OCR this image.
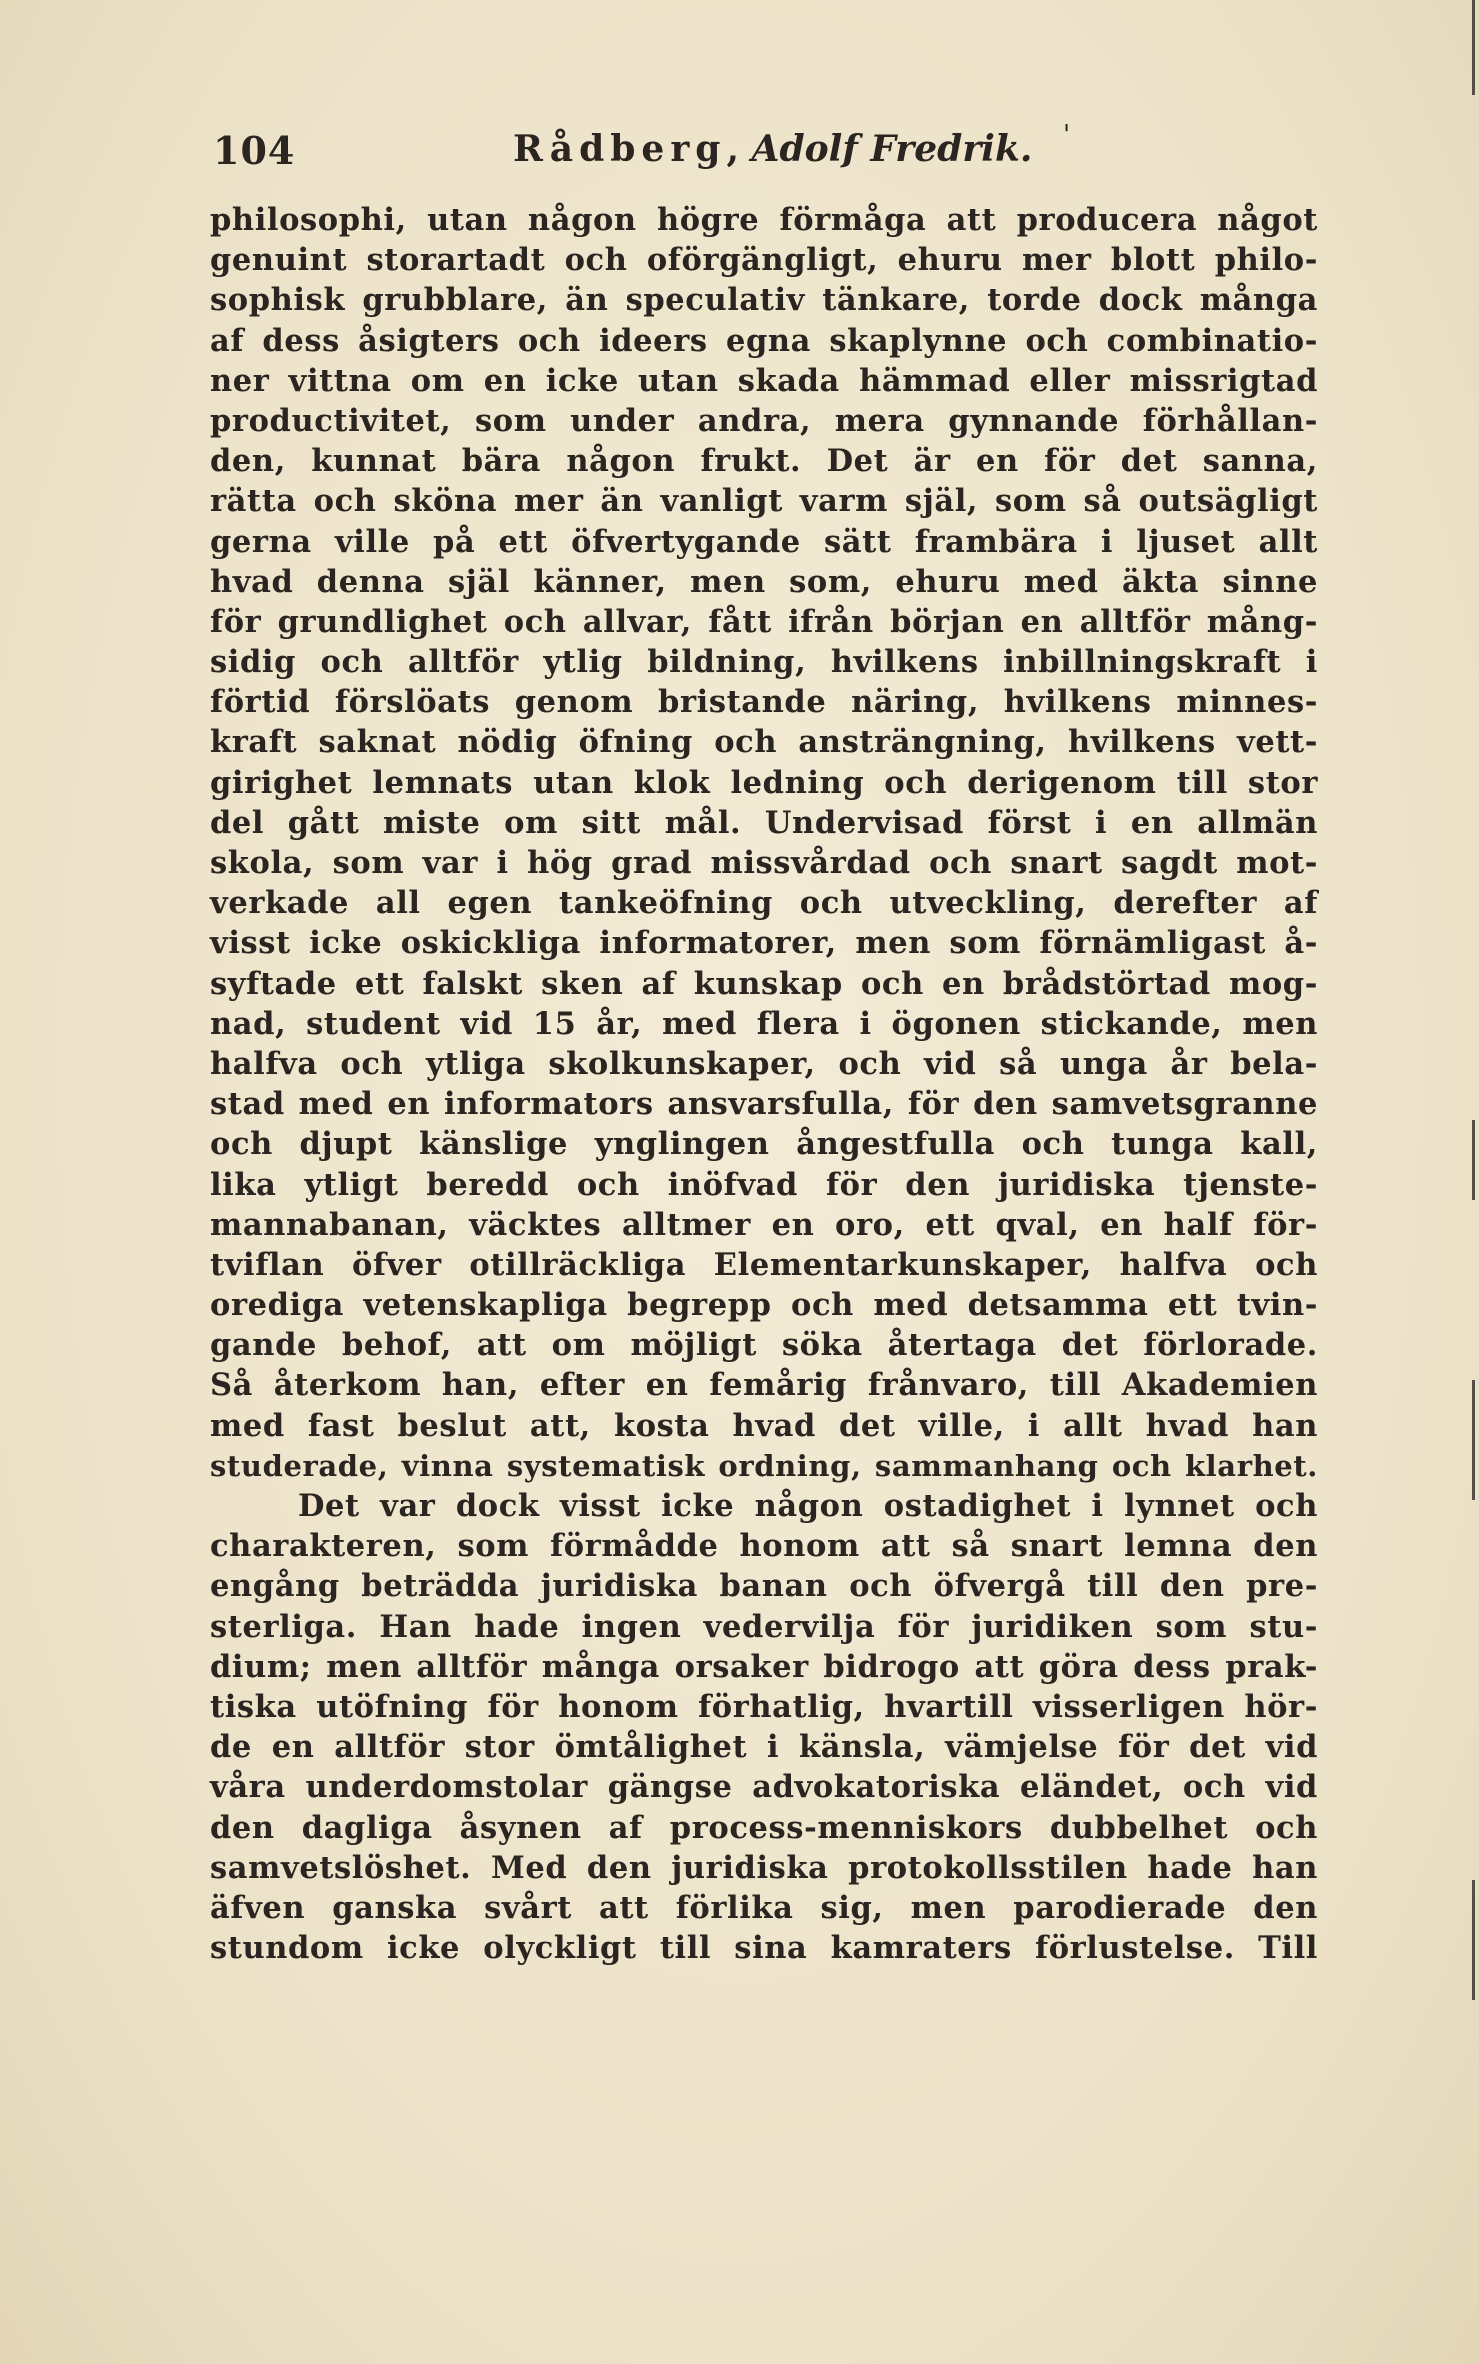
104	Rådberg, Adolf Fredrik. '
philosophi, utan någon högre förmåga att producera något
genuint storartadt och oförgängligt, ehuru mer blott philo-
sophisk grubblare, än speculativ tänkare, torde dock många
af dess åsigters och ideers egna skaplynne och combinatio-
ner vittna om en icke utan skada hämmad eller missrigtad
productivitet, som under andra, mera gynnande förhållan-
den, kunnat bära någon frukt. Det är en för det sanna,
rätta och sköna mer än vanligt varm själ, som så outsägligt
gerna ville på ett öfvertygande sätt frambära i ljuset allt
hvad denna själ känner, men som, ehuru med äkta sinne
för grundlighet och allvar, fått ifrån början en alltför mång-
sidig och alltför ytlig bildning, hvilkens inbillningskraft i
förtid förslöats genom bristande näring, hvilkens minnes-
kraft saknat nödig öfning och ansträngning, hvilkens vett-
girighet lemnats utan klok ledning och derigenom till stor
del gått miste om sitt mål. Undervisad först i en allmän
skola, som var i hög grad missvårdad och snart sagdt mot-
verkade all egen tankeöfning och utveckling, derefter af
visst icke oskickliga informatorer, men som förnämligast å-
syftade ett falskt sken af kunskap och en brådstörtad mog-
nad, student vid 15 år, med flera i ögonen stickande, men
halfva och ytliga skolkunskaper, och vid så unga år bela-
stad med en informators ansvarsfulla, för den samvetsgranne
och djupt känslige ynglingen ångestfulla och tunga kall,
lika ytligt beredd och inöfvad för den juridiska tjenste-
mannabanan, väcktes alltmer en oro, ett qval, en half för-
tviflan öfver otillräckliga Elementarkunskaper, halfva och
orediga vetenskapliga begrepp och med detsamma ett tvin-
gande behof, att om möjligt söka återtaga det förlorade.
Så återkom han, efter en femårig frånvaro, till Akademien
med fast beslut att, kosta hvad det ville, i allt hvad han
studerade, vinna systematisk ordning, sammanhang och klarhet.
Det var dock visst icke någon ostadighet i lynnet och
charakteren, som förmådde honom att så snart lemna den
engång beträdda juridiska banan och öfvergå till den pre-
sterliga. Han hade ingen vedervilja för juridiken som stu-
dium; men alltför många orsaker bidrogo att göra dess prak-
tiska utöfning för honom förhatlig, hvartill visserligen hör-
de en alltför stor ömtålighet i känsla, vämjelse för det vid
våra underdomstolar gängse advokatoriska eländet, och vid
den dagliga åsynen af process-menniskors dubbelhet och
samvetslöshet. Med den juridiska protokollsstilen hade han
äfven ganska svårt att förlika sig, men parodierade den
stundom icke olyckligt till sina kamraters förlustelse. Till
